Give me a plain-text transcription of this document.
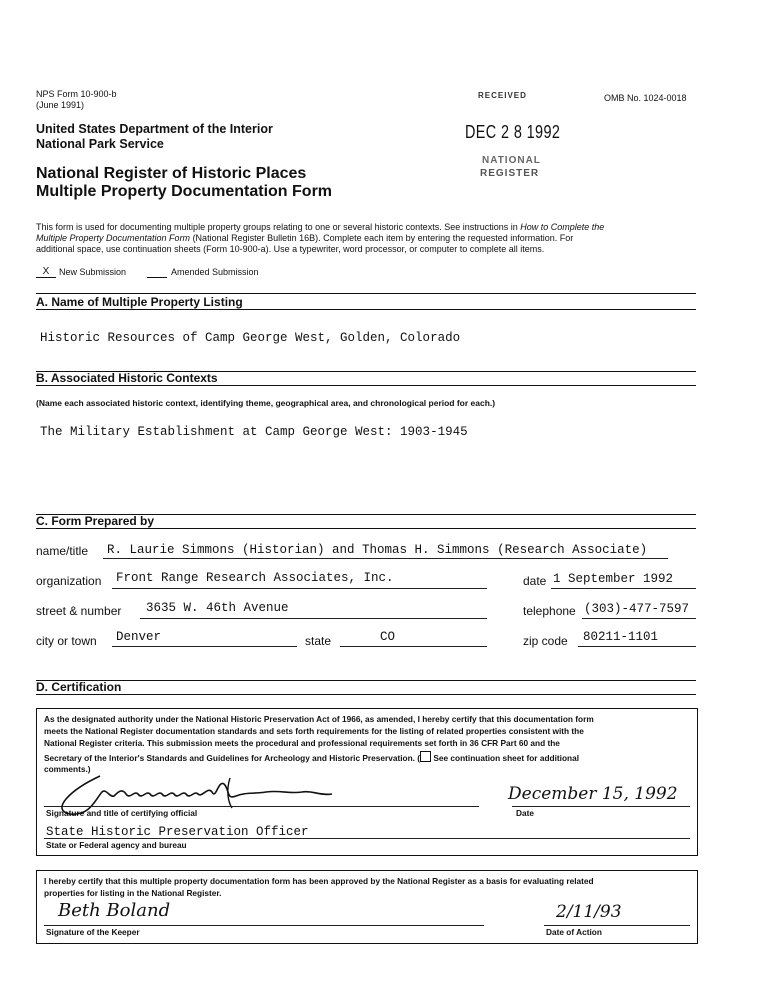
NPS Form 10-900-b
(June 1991)
OMB No. 1024-0018
RECEIVED
DEC 2 8 1992
NATIONAL
REGISTER
United States Department of the Interior
National Park Service
National Register of Historic Places
Multiple Property Documentation Form
This form is used for documenting multiple property groups relating to one or several historic contexts. See instructions in How to Complete the
Multiple Property Documentation Form (National Register Bulletin 16B). Complete each item by entering the requested information. For
additional space, use continuation sheets (Form 10-900-a). Use a typewriter, word processor, or computer to complete all items.
X	New Submission	Amended Submission
A. Name of Multiple Property Listing
Historic Resources of Camp George West, Golden, Colorado
B. Associated Historic Contexts
(Name each associated historic context, identifying theme, geographical area, and chronological period for each.)
The Military Establishment at Camp George West: 1903-1945
C. Form Prepared by
name/title R. Laurie Simmons (Historian) and Thomas H. Simmons (Research Associate)
organization Front Range Research Associates, Inc.	date 1 September 1992
street & number 3635 W. 46th Avenue	telephone (303)-477-7597
city or town Denver	state	CO	zip code 80211-1101
D. Certification
As the designated authority under the National Historic Preservation Act of 1966, as amended, I hereby certify that this documentation form
meets the National Register documentation standards and sets forth requirements for the listing of related properties consistent with the
National Register criteria. This submission meets the procedural and professional requirements set forth in 36 CFR Part 60 and the
Secretary of the Interior's Standards and Guidelines for Archeology and Historic Preservation. ( See continuation sheet for additional
comments.)
Signature and title of certifying official
December 15, 1992
Date
State Historic Preservation Officer
State or Federal agency and bureau
I hereby certify that this multiple property documentation form has been approved by the National Register as a basis for evaluating related
properties for listing in the National Register.
Beth Boland
Signature of the Keeper
2/11/93
Date of Action
